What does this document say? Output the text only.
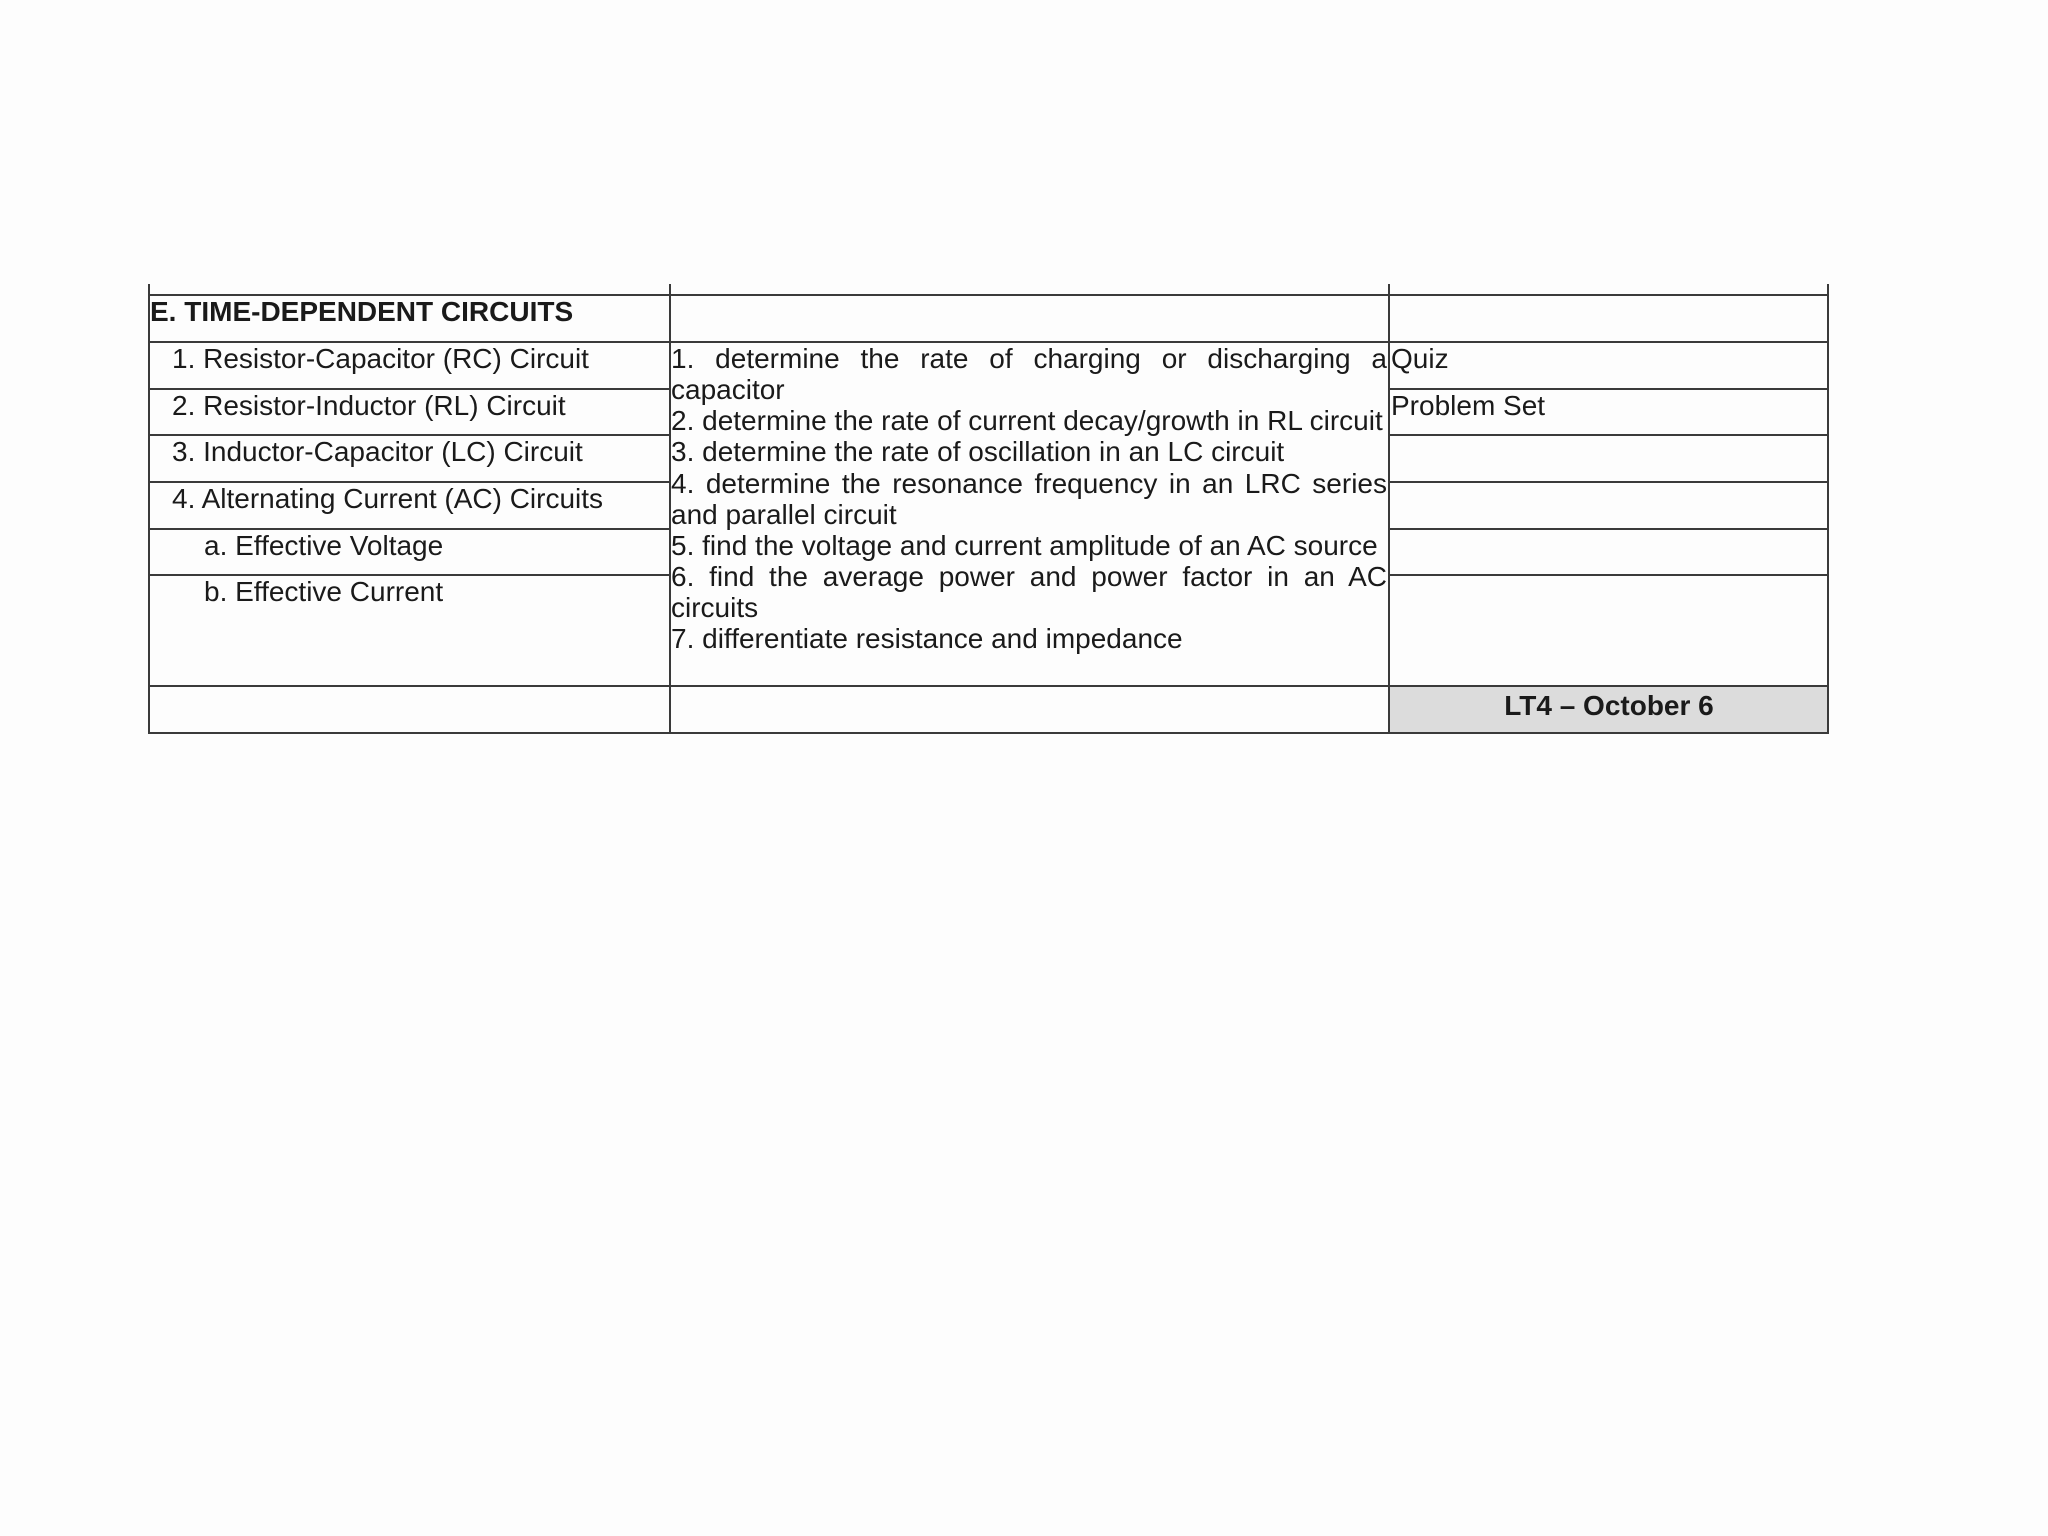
E. TIME-DEPENDENT CIRCUITS
1. Resistor-Capacitor (RC) Circuit
2. Resistor-Inductor (RL) Circuit
3. Inductor-Capacitor (LC) Circuit
4. Alternating Current (AC) Circuits
a. Effective Voltage
b. Effective Current
1. determine the rate of charging or discharging a
capacitor
2. determine the rate of current decay/growth in RL circuit
3. determine the rate of oscillation in an LC circuit
4. determine the resonance frequency in an LRC series
and parallel circuit
5. find the voltage and current amplitude of an AC source
6. find the average power and power factor in an AC
circuits
7. differentiate resistance and impedance
Quiz
Problem Set
LT4 – October 6
